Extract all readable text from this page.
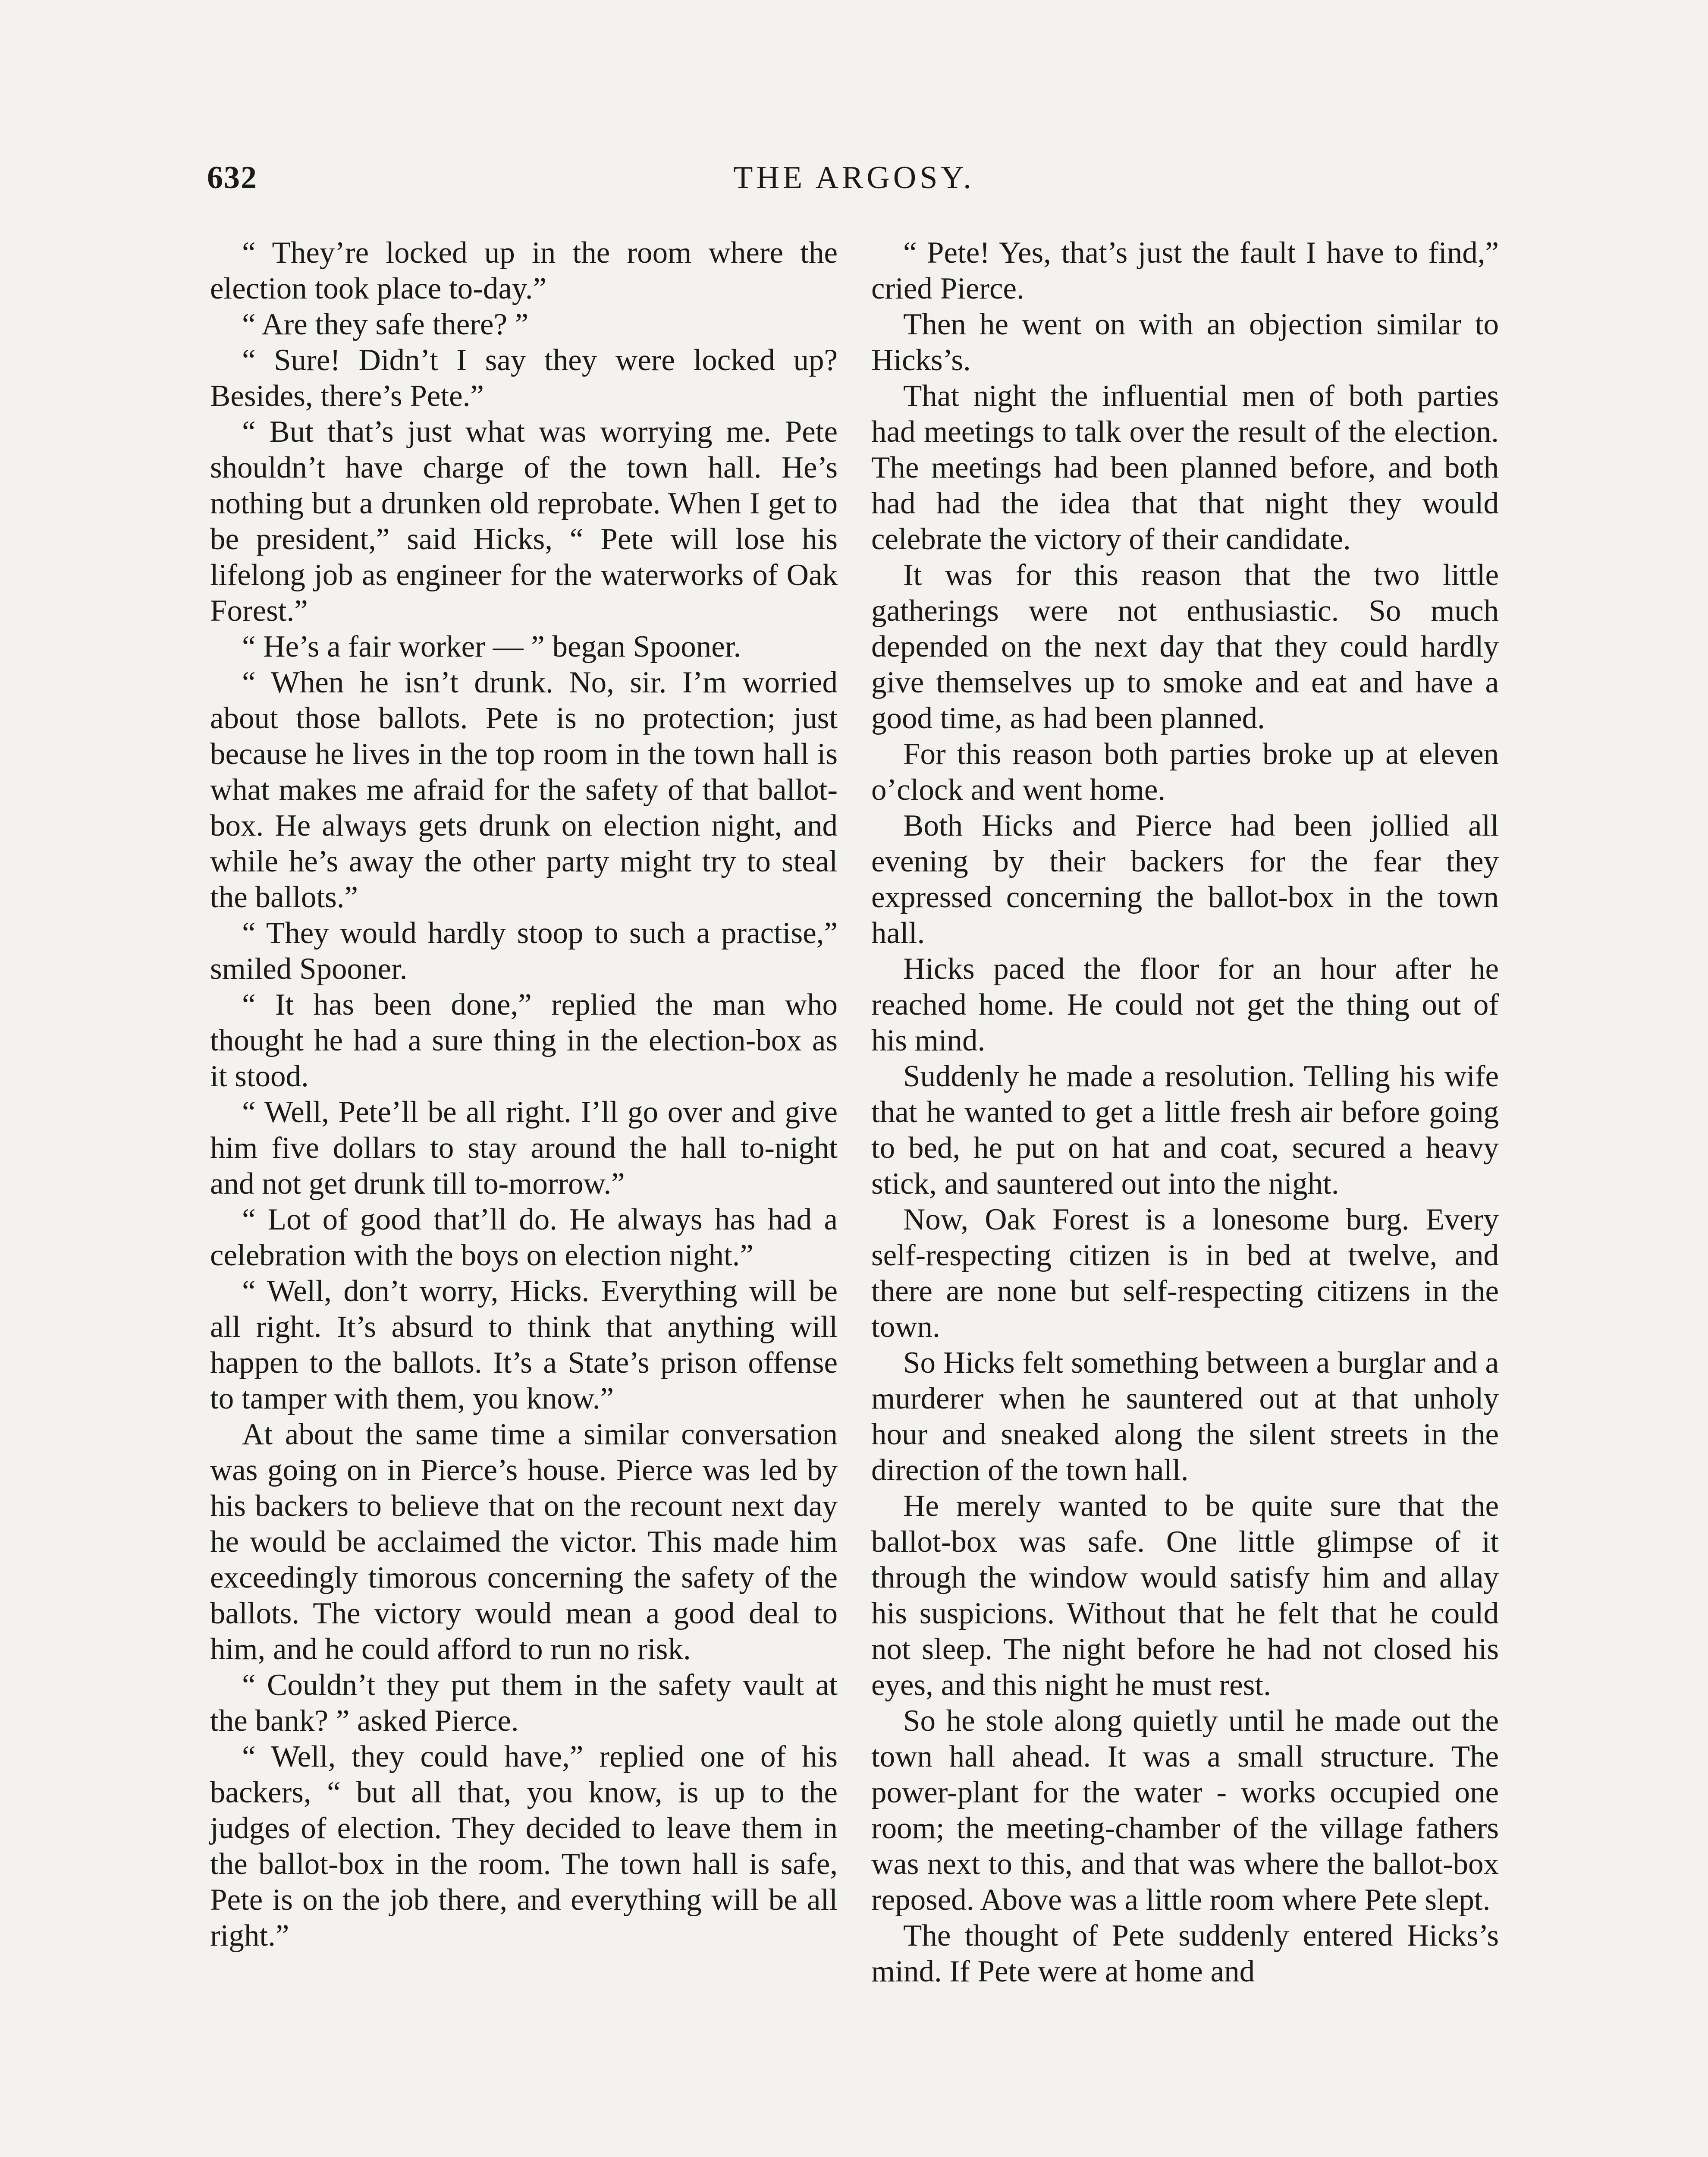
632	THE ARGOSY.

“ They’re locked up in the room where the election took place to-day.”

“ Are they safe there? ”

“ Sure! Didn’t I say they were locked up? Besides, there’s Pete.”

“ But that’s just what was worrying me. Pete shouldn’t have charge of the town hall. He’s nothing but a drunken old reprobate. When I get to be president,” said Hicks, “ Pete will lose his lifelong job as engineer for the waterworks of Oak Forest.”

“ He’s a fair worker — ” began Spooner.

“ When he isn’t drunk. No, sir. I’m worried about those ballots. Pete is no protection; just because he lives in the top room in the town hall is what makes me afraid for the safety of that ballot-box. He always gets drunk on election night, and while he’s away the other party might try to steal the ballots.”

“ They would hardly stoop to such a practise,” smiled Spooner.

“ It has been done,” replied the man who thought he had a sure thing in the election-box as it stood.

“ Well, Pete’ll be all right. I’ll go over and give him five dollars to stay around the hall to-night and not get drunk till to-morrow.”

“ Lot of good that’ll do. He always has had a celebration with the boys on election night.”

“ Well, don’t worry, Hicks. Everything will be all right. It’s absurd to think that anything will happen to the ballots. It’s a State’s prison offense to tamper with them, you know.”

At about the same time a similar conversation was going on in Pierce’s house. Pierce was led by his backers to believe that on the recount next day he would be acclaimed the victor. This made him exceedingly timorous concerning the safety of the ballots. The victory would mean a good deal to him, and he could afford to run no risk.

“ Couldn’t they put them in the safety vault at the bank? ” asked Pierce.

“ Well, they could have,” replied one of his backers, “ but all that, you know, is up to the judges of election. They decided to leave them in the ballot-box in the room. The town hall is safe, Pete is on the job there, and everything will be all right.”

“ Pete! Yes, that’s just the fault I have to find,” cried Pierce.

Then he went on with an objection similar to Hicks’s.

That night the influential men of both parties had meetings to talk over the result of the election. The meetings had been planned before, and both had had the idea that that night they would celebrate the victory of their candidate.

It was for this reason that the two little gatherings were not enthusiastic. So much depended on the next day that they could hardly give themselves up to smoke and eat and have a good time, as had been planned.

For this reason both parties broke up at eleven o’clock and went home.

Both Hicks and Pierce had been jollied all evening by their backers for the fear they expressed concerning the ballot-box in the town hall.

Hicks paced the floor for an hour after he reached home. He could not get the thing out of his mind.

Suddenly he made a resolution. Telling his wife that he wanted to get a little fresh air before going to bed, he put on hat and coat, secured a heavy stick, and sauntered out into the night.

Now, Oak Forest is a lonesome burg. Every self-respecting citizen is in bed at twelve, and there are none but self-respecting citizens in the town.

So Hicks felt something between a burglar and a murderer when he sauntered out at that unholy hour and sneaked along the silent streets in the direction of the town hall.

He merely wanted to be quite sure that the ballot-box was safe. One little glimpse of it through the window would satisfy him and allay his suspicions. Without that he felt that he could not sleep. The night before he had not closed his eyes, and this night he must rest.

So he stole along quietly until he made out the town hall ahead. It was a small structure. The power-plant for the water - works occupied one room; the meeting-chamber of the village fathers was next to this, and that was where the ballot-box reposed. Above was a little room where Pete slept.

The thought of Pete suddenly entered Hicks’s mind. If Pete were at home and
